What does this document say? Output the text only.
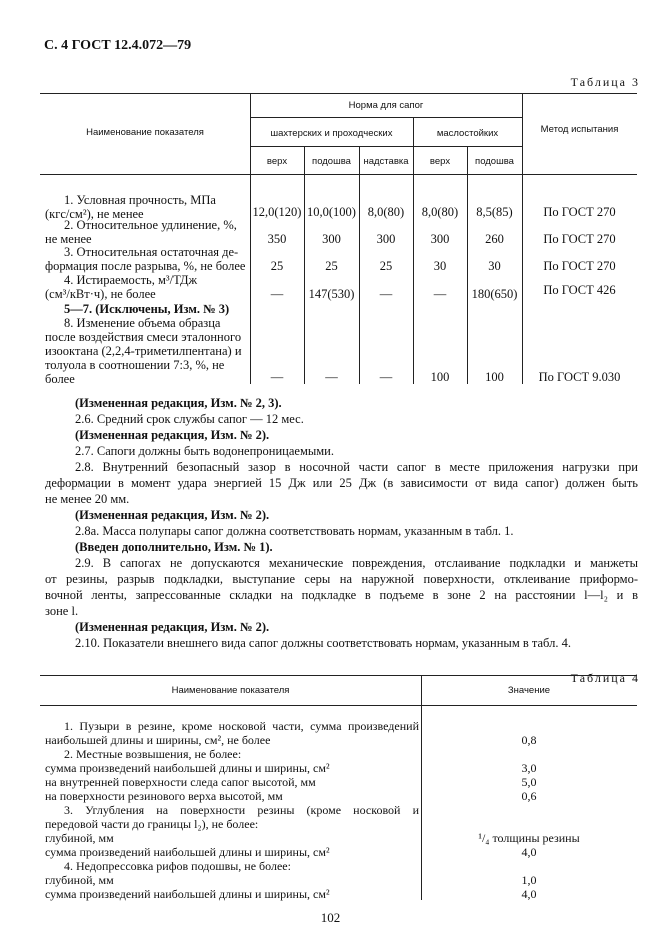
С. 4 ГОСТ 12.4.072—79
Таблица 3
Наименование показателя
Норма для сапог
шахтерских и проходческих	маслостойких	Метод испытания
верх	подошва	надставка	верх	подошва
1. Условная прочность, МПа
(кгс/см²), не менее	12,0(120) 10,0(100) 8,0(80)	8,0(80)	8,5(85)	По ГОСТ 270
2. Относительное удлинение, %,
не менее	350	300	300	300	260	По ГОСТ 270
3. Относительная остаточная де-
формация после разрыва, %, не более	25	25	25	30	30	По ГОСТ 270
4. Истираемость, м³/ТДж
(см³/кВт·ч), не более	—	147(530)	—	—	180(650)	По ГОСТ 426
5—7. (Исключены, Изм. № 3)
8. Изменение объема образца
после воздействия смеси эталонного
изооктана (2,2,4-триметилпентана) и
толуола в соотношении 7:3, %, не
более	—	—	—	100	100	По ГОСТ 9.030
(Измененная редакция, Изм. № 2, 3).
2.6. Средний срок службы сапог — 12 мес.
(Измененная редакция, Изм. № 2).
2.7. Сапоги должны быть водонепроницаемыми.
2.8. Внутренний безопасный зазор в носочной части сапог в месте приложения нагрузки при
деформации в момент удара энергией 15 Дж или 25 Дж (в зависимости от вида сапог) должен быть
не менее 20 мм.
(Измененная редакция, Изм. № 2).
2.8а. Масса полупары сапог должна соответствовать нормам, указанным в табл. 1.
(Введен дополнительно, Изм. № 1).
2.9. В сапогах не допускаются механические повреждения, отслаивание подкладки и манжеты
от резины, разрыв подкладки, выступание серы на наружной поверхности, отклеивание приформо-
вочной ленты, запрессованные складки на подкладке в подъеме в зоне 2 на расстоянии l—l₂ и в
зоне l.
(Измененная редакция, Изм. № 2).
2.10. Показатели внешнего вида сапог должны соответствовать нормам, указанным в табл. 4.
Таблица 4
Наименование показателя	Значение
1. Пузыри в резине, кроме носковой части, сумма произведений
наибольшей длины и ширины, см², не более	0,8
2. Местные возвышения, не более:
сумма произведений наибольшей длины и ширины, см²	3,0
на внутренней поверхности следа сапог высотой, мм	5,0
на поверхности резинового верха высотой, мм	0,6
3. Углубления на поверхности резины (кроме носковой и
передовой части до границы l₂), не более:
глубиной, мм	¹/₄ толщины резины
сумма произведений наибольшей длины и ширины, см²	4,0
4. Недопрессовка рифов подошвы, не более:
глубиной, мм	1,0
сумма произведений наибольшей длины и ширины, см²	4,0
102
